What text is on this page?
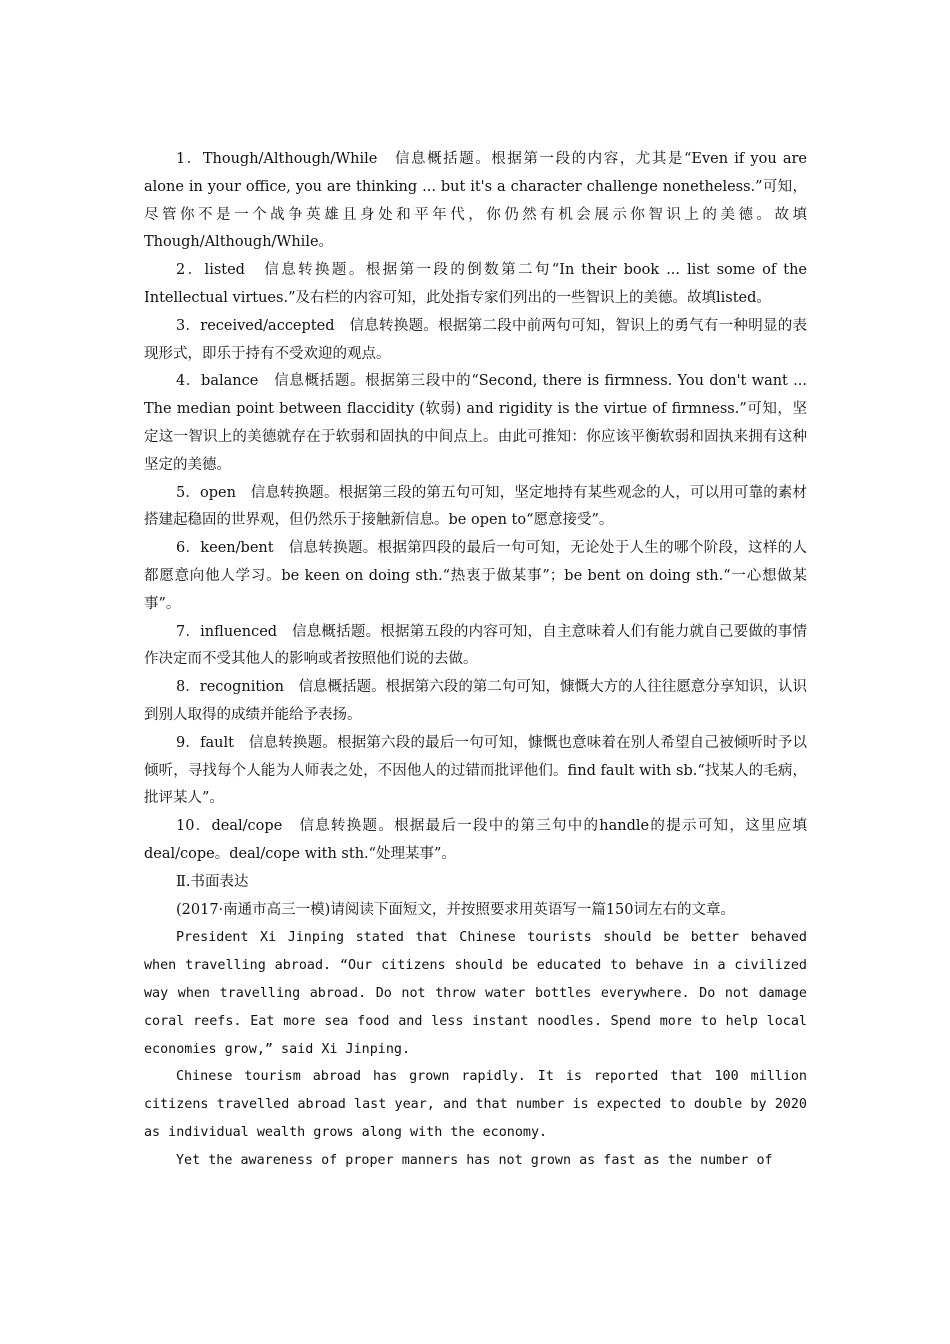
1．Though/Although/While　信息概括题。根据第一段的内容，尤其是“Even if you are alone in your office, you are thinking ... but it's a character challenge nonetheless.”可知，尽管你不是一个战争英雄且身处和平年代，你仍然有机会展示你智识上的美德。故填Though/Although/While。

2．listed　信息转换题。根据第一段的倒数第二句“In their book ... list some of the Intellectual virtues.”及右栏的内容可知，此处指专家们列出的一些智识上的美德。故填listed。

3．received/accepted　信息转换题。根据第二段中前两句可知，智识上的勇气有一种明显的表现形式，即乐于持有不受欢迎的观点。

4．balance　信息概括题。根据第三段中的“Second, there is firmness. You don't want ... The median point between flaccidity (软弱) and rigidity is the virtue of firmness.”可知，坚定这一智识上的美德就存在于软弱和固执的中间点上。由此可推知：你应该平衡软弱和固执来拥有这种坚定的美德。

5．open　信息转换题。根据第三段的第五句可知，坚定地持有某些观念的人，可以用可靠的素材搭建起稳固的世界观，但仍然乐于接触新信息。be open to“愿意接受”。

6．keen/bent　信息转换题。根据第四段的最后一句可知，无论处于人生的哪个阶段，这样的人都愿意向他人学习。be keen on doing sth.“热衷于做某事”；be bent on doing sth.“一心想做某事”。

7．influenced　信息概括题。根据第五段的内容可知，自主意味着人们有能力就自己要做的事情作决定而不受其他人的影响或者按照他们说的去做。

8．recognition　信息概括题。根据第六段的第二句可知，慷慨大方的人往往愿意分享知识，认识到别人取得的成绩并能给予表扬。

9．fault　信息转换题。根据第六段的最后一句可知，慷慨也意味着在别人希望自己被倾听时予以倾听，寻找每个人能为人师表之处，不因他人的过错而批评他们。find fault with sb.“找某人的毛病，批评某人”。

10．deal/cope　信息转换题。根据最后一段中的第三句中的handle的提示可知，这里应填deal/cope。deal/cope with sth.“处理某事”。

Ⅱ.书面表达

(2017·南通市高三一模)请阅读下面短文，并按照要求用英语写一篇150词左右的文章。

President Xi Jinping stated that Chinese tourists should be better behaved when travelling abroad. “Our citizens should be educated to behave in a civilized way when travelling abroad. Do not throw water bottles everywhere. Do not damage coral reefs. Eat more sea food and less instant noodles. Spend more to help local economies grow,” said Xi Jinping.

Chinese tourism abroad has grown rapidly. It is reported that 100 million citizens travelled abroad last year, and that number is expected to double by 2020 as individual wealth grows along with the economy.

Yet the awareness of proper manners has not grown as fast as the number of
